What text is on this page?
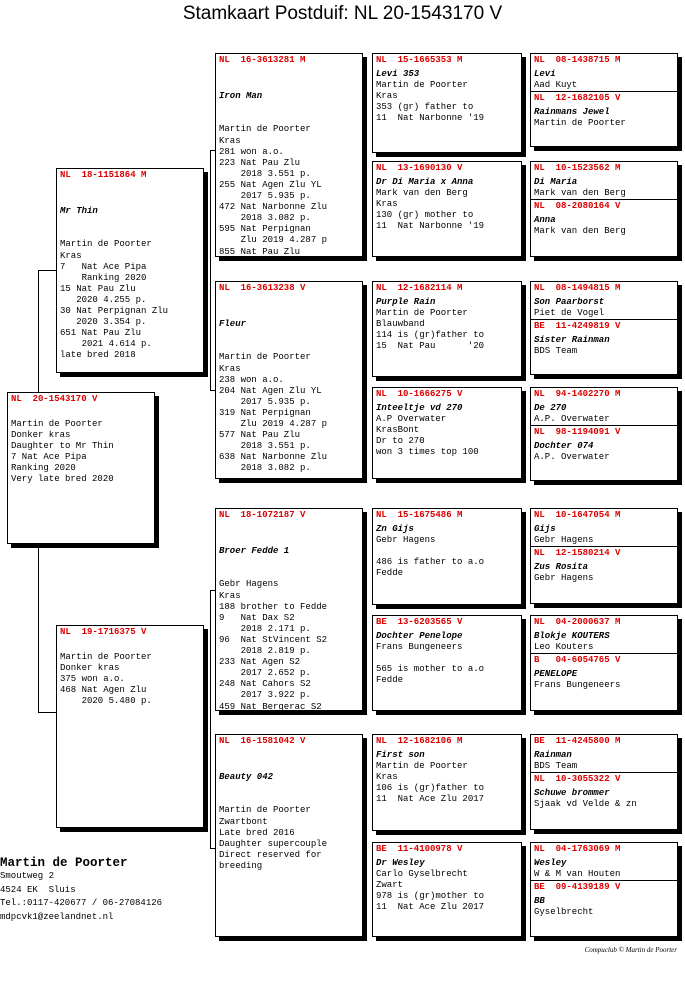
Stamkaart Postduif: NL 20-1543170 V
NL  20-1543170 V
Martin de Poorter
Donker kras
Daughter to Mr Thin
7 Nat Ace Pipa
Ranking 2020
Very late bred 2020
NL  18-1151864 M

Mr Thin

Martin de Poorter
Kras
7   Nat Ace Pipa
Ranking 2020
15 Nat Pau Zlu
2020 4.255 p.
30 Nat Perpignan Zlu
2020 3.354 p.
651 Nat Pau Zlu
2021 4.614 p.
late bred 2018

NL  19-1716375 V
Martin de Poorter
Donker kras
375 won a.o.
468 Nat Agen Zlu
2020 5.480 p.
NL  16-3613281 M

Iron Man

Martin de Poorter
Kras
281 won a.o.
223 Nat Pau Zlu
2018 3.551 p.
255 Nat Agen Zlu YL
2017 5.935 p.
472 Nat Narbonne Zlu
2018 3.082 p.
595 Nat Perpignan
Zlu 2019 4.287 p
855 Nat Pau Zlu

NL  16-3613238 V

Fleur

Martin de Poorter
Kras
238 won a.o.
204 Nat Agen Zlu YL
2017 5.935 p.
319 Nat Perpignan
Zlu 2019 4.287 p
577 Nat Pau Zlu
2018 3.551 p.
638 Nat Narbonne Zlu
2018 3.082 p.

NL  18-1072187 V

Broer Fedde 1

Gebr Hagens
Kras
188 brother to Fedde
9   Nat Dax S2
2018 2.171 p.
96  Nat StVincent S2
2018 2.819 p.
233 Nat Agen S2
2017 2.652 p.
248 Nat Cahors S2
2017 3.922 p.
459 Nat Bergerac S2

NL  16-1581042 V

Beauty 042

Martin de Poorter
Zwartbont
Late bred 2016
Daughter supercouple
Direct reserved for
breeding

NL  15-1665353 M
Levi 353
Martin de Poorter
Kras
353 (gr) father to
11  Nat Narbonne '19
NL  13-1690130 V
Dr Di Maria x Anna
Mark van den Berg
Kras
130 (gr) mother to
11  Nat Narbonne '19
NL  12-1682114 M
Purple Rain
Martin de Poorter
Blauwband
114 is (gr)father to
15  Nat Pau      '20
NL  10-1666275 V
Inteeltje vd 270
A.P Overwater
KrasBont
Dr to 270
won 3 times top 100
NL  15-1675486 M
Zn Gijs
Gebr Hagens
486 is father to a.o
Fedde
BE  13-6203565 V
Dochter Penelope
Frans Bungeneers
565 is mother to a.o
Fedde
NL  12-1682106 M
First son
Martin de Poorter
Kras
106 is (gr)father to
11  Nat Ace Zlu 2017
BE  11-4100978 V
Dr Wesley
Carlo Gyselbrecht
Zwart
978 is (gr)mother to
11  Nat Ace Zlu 2017
NL  08-1438715 M
Levi
Aad Kuyt
NL  12-1682105 V
Rainmans Jewel
Martin de Poorter
NL  10-1523562 M
Di Maria
Mark van den Berg
NL  08-2080164 V
Anna
Mark van den Berg
NL  08-1494815 M
Son Paarborst
Piet de Vogel
BE  11-4249819 V
Sister Rainman
BDS Team
NL  94-1402270 M
De 270
A.P. Overwater
NL  98-1194091 V
Dochter 074
A.P. Overwater
NL  10-1647054 M
Gijs
Gebr Hagens
NL  12-1580214 V
Zus Rosita
Gebr Hagens
NL  04-2000637 M
Blokje KOUTERS
Leo Kouters
B   04-6054765 V
PENELOPE
Frans Bungeneers
BE  11-4245800 M
Rainman
BDS Team
NL  10-3055322 V
Schuwe brommer
Sjaak vd Velde & zn
NL  04-1763069 M
Wesley
W & M van Houten
BE  09-4139189 V
BB
Gyselbrecht
Martin de Poorter
Smoutweg 2
4524 EK  Sluis
Tel.:0117-420677 / 06-27084126
mdpcvk1@zeelandnet.nl
Compuclub © Martin de Poorter
